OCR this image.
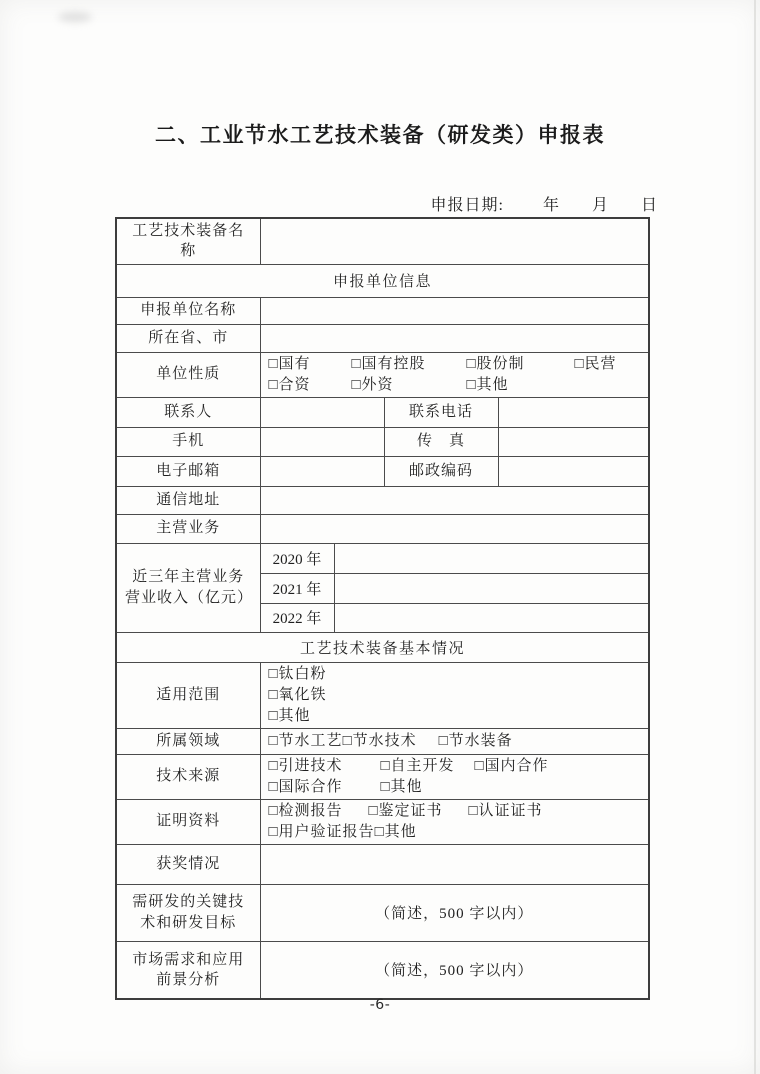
二、工业节水工艺技术装备（研发类）申报表
申报日期: 年 月 日
工艺技术装备名称				
申报单位信息				
申报单位名称				
所在省、市				
单位性质	
□国有	□国有控股	□股份制	□民营
□合资	□外资	□其他

联系人			联系电话	
手机			传　真	
电子邮箱			邮政编码	
通信地址				
主营业务				
近三年主营业务营业收入（亿元）	2020 年			
	2021 年			
	2022 年			
工艺技术装备基本情况				
适用范围	□钛白粉
□氧化铁
□其他			

所属领域	□节水工艺 □节水技术 □节水装备			

技术来源	□引进技术 □自主开发 □国内合作
□国际合作 □其他			

证明资料	□检测报告 □鉴定证书 □认证证书
□用户验证报告 □其他			

获奖情况				
需研发的关键技术和研发目标	（简述，500 字以内）			
市场需求和应用前景分析	（简述，500 字以内）			
-6-
